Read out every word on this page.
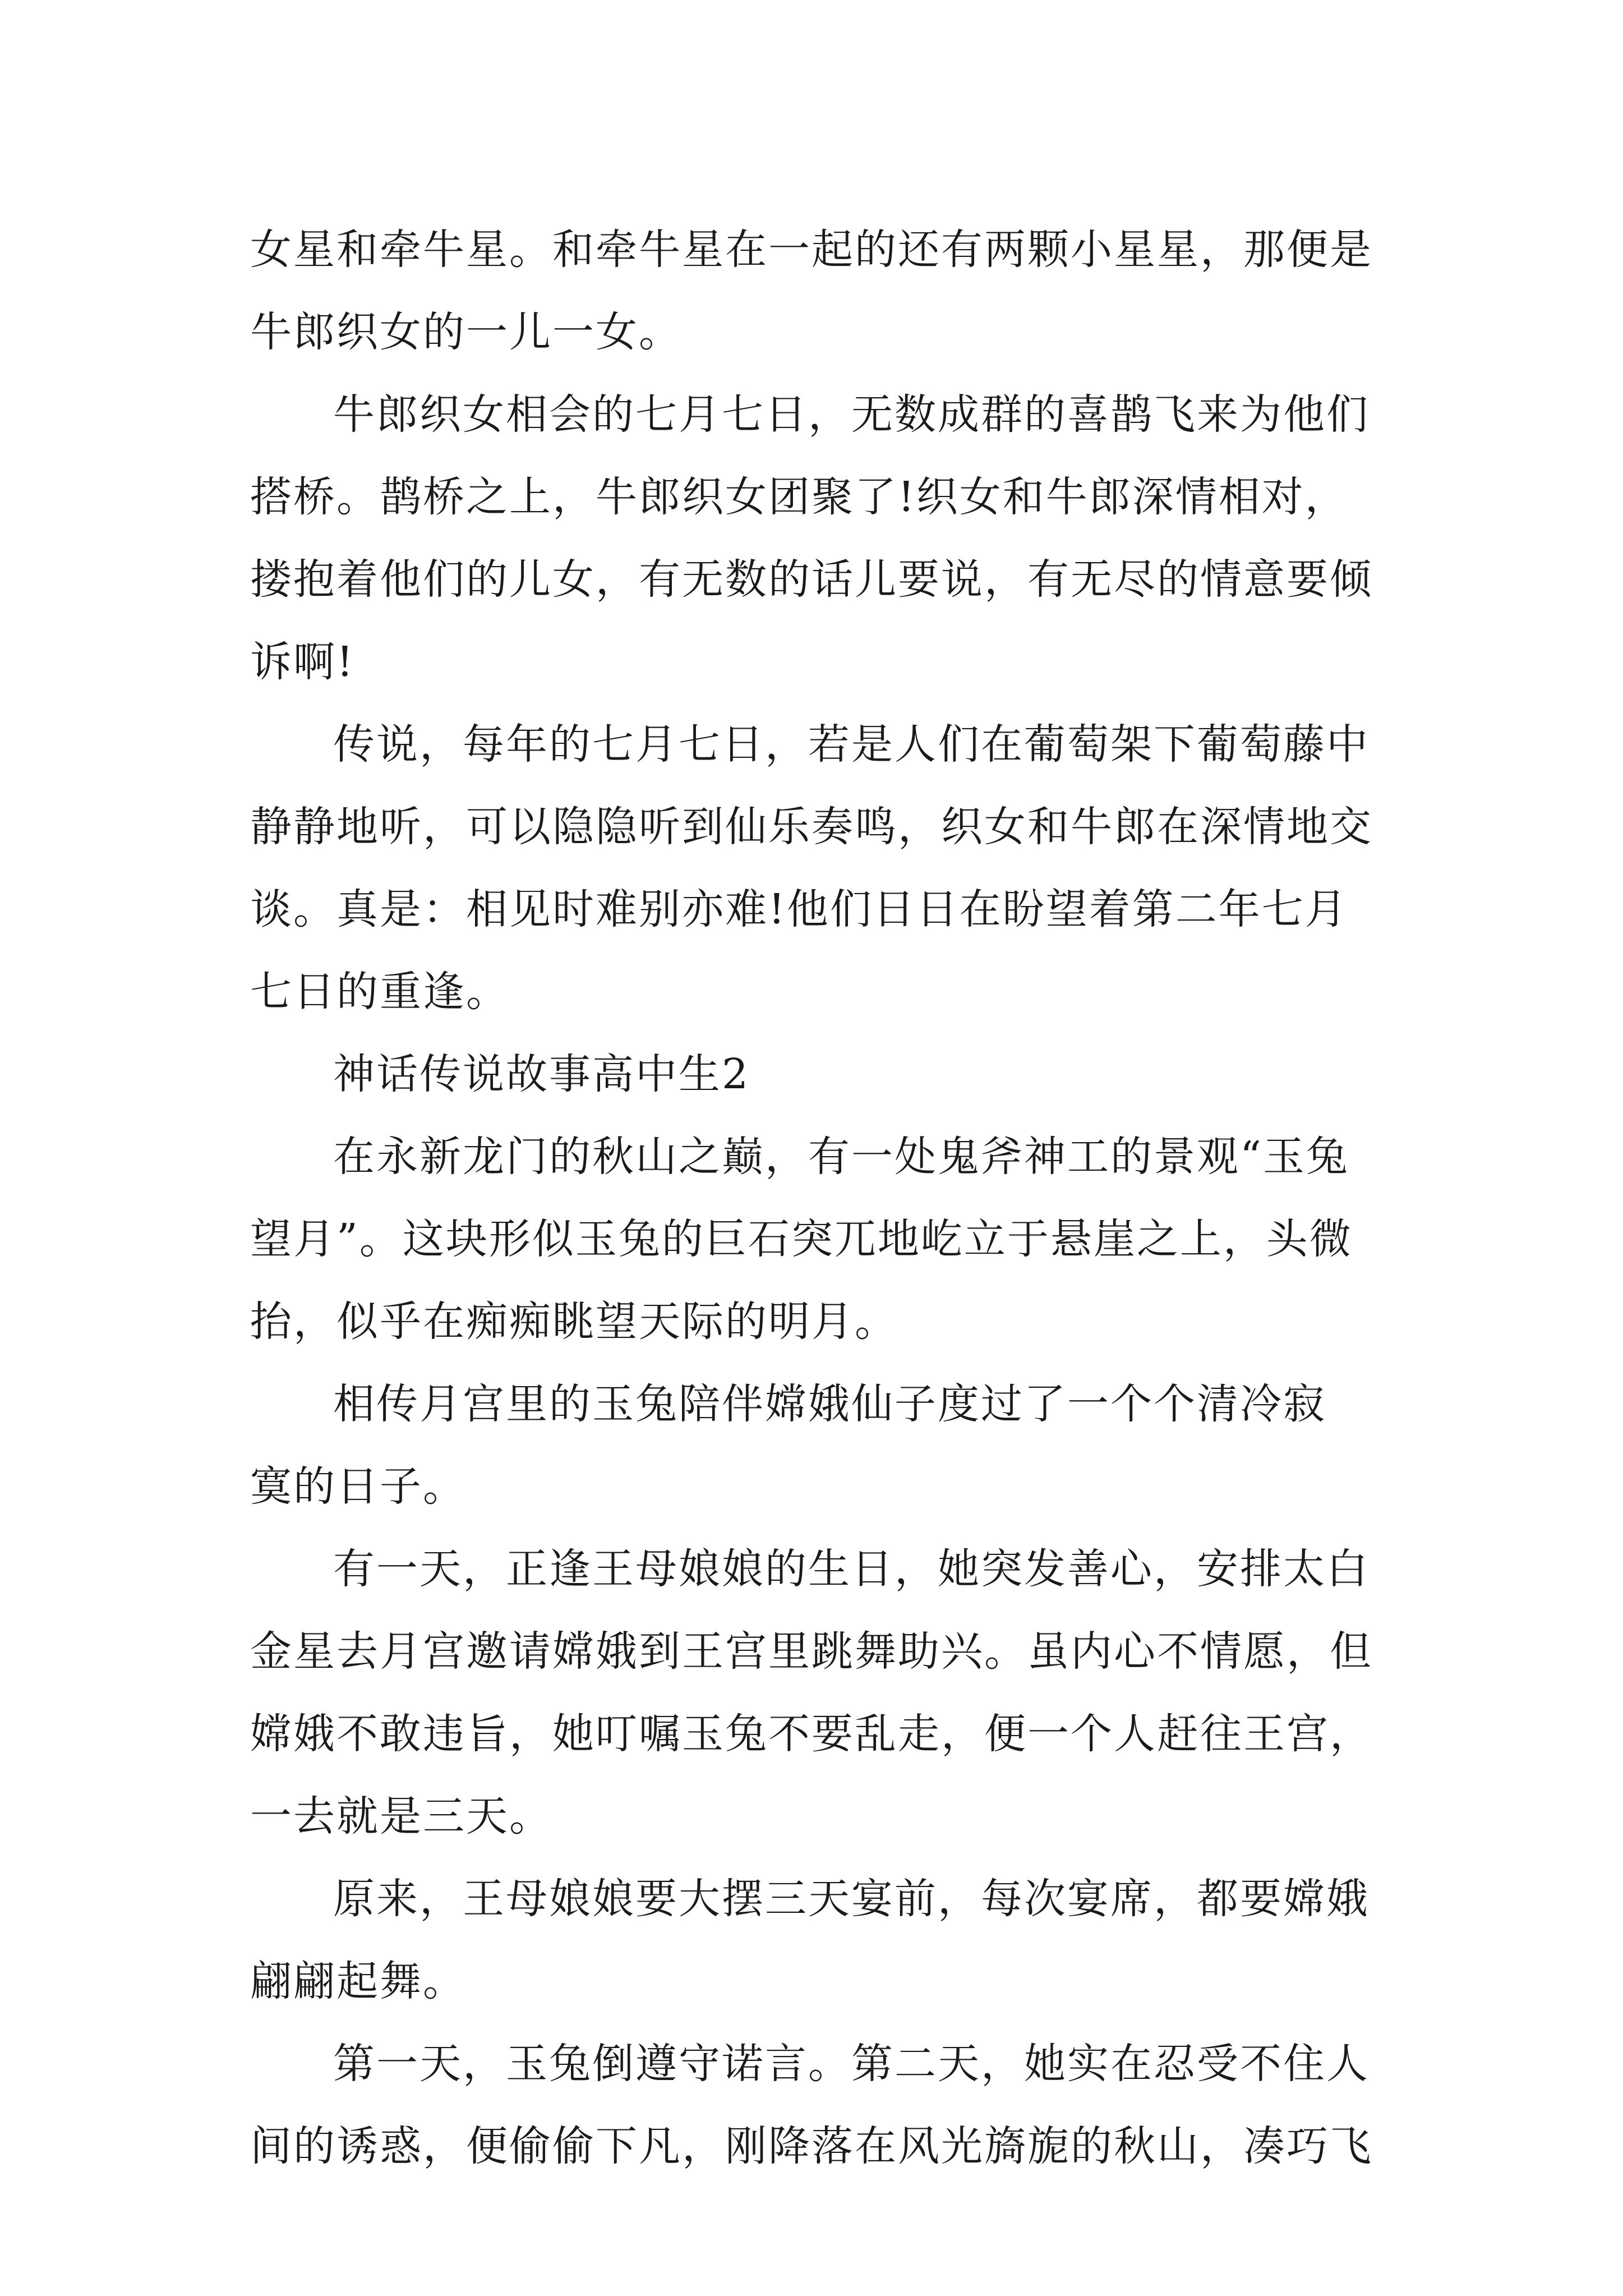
女星和牵牛星。和牵牛星在一起的还有两颗小星星，那便是
牛郎织女的一儿一女。
牛郎织女相会的七月七日，无数成群的喜鹊飞来为他们
搭桥。鹊桥之上，牛郎织女团聚了!织女和牛郎深情相对，
搂抱着他们的儿女，有无数的话儿要说，有无尽的情意要倾
诉啊!
传说，每年的七月七日，若是人们在葡萄架下葡萄藤中
静静地听，可以隐隐听到仙乐奏鸣，织女和牛郎在深情地交
谈。真是：相见时难别亦难!他们日日在盼望着第二年七月
七日的重逢。
神话传说故事高中生2
在永新龙门的秋山之巅，有一处鬼斧神工的景观“玉兔
望月”。这块形似玉兔的巨石突兀地屹立于悬崖之上，头微
抬，似乎在痴痴眺望天际的明月。
相传月宫里的玉兔陪伴嫦娥仙子度过了一个个清冷寂
寞的日子。
有一天，正逢王母娘娘的生日，她突发善心，安排太白
金星去月宫邀请嫦娥到王宫里跳舞助兴。虽内心不情愿，但
嫦娥不敢违旨，她叮嘱玉兔不要乱走，便一个人赶往王宫，
一去就是三天。
原来，王母娘娘要大摆三天宴前，每次宴席，都要嫦娥
翩翩起舞。
第一天，玉兔倒遵守诺言。第二天，她实在忍受不住人
间的诱惑，便偷偷下凡，刚降落在风光旖旎的秋山，凑巧飞
